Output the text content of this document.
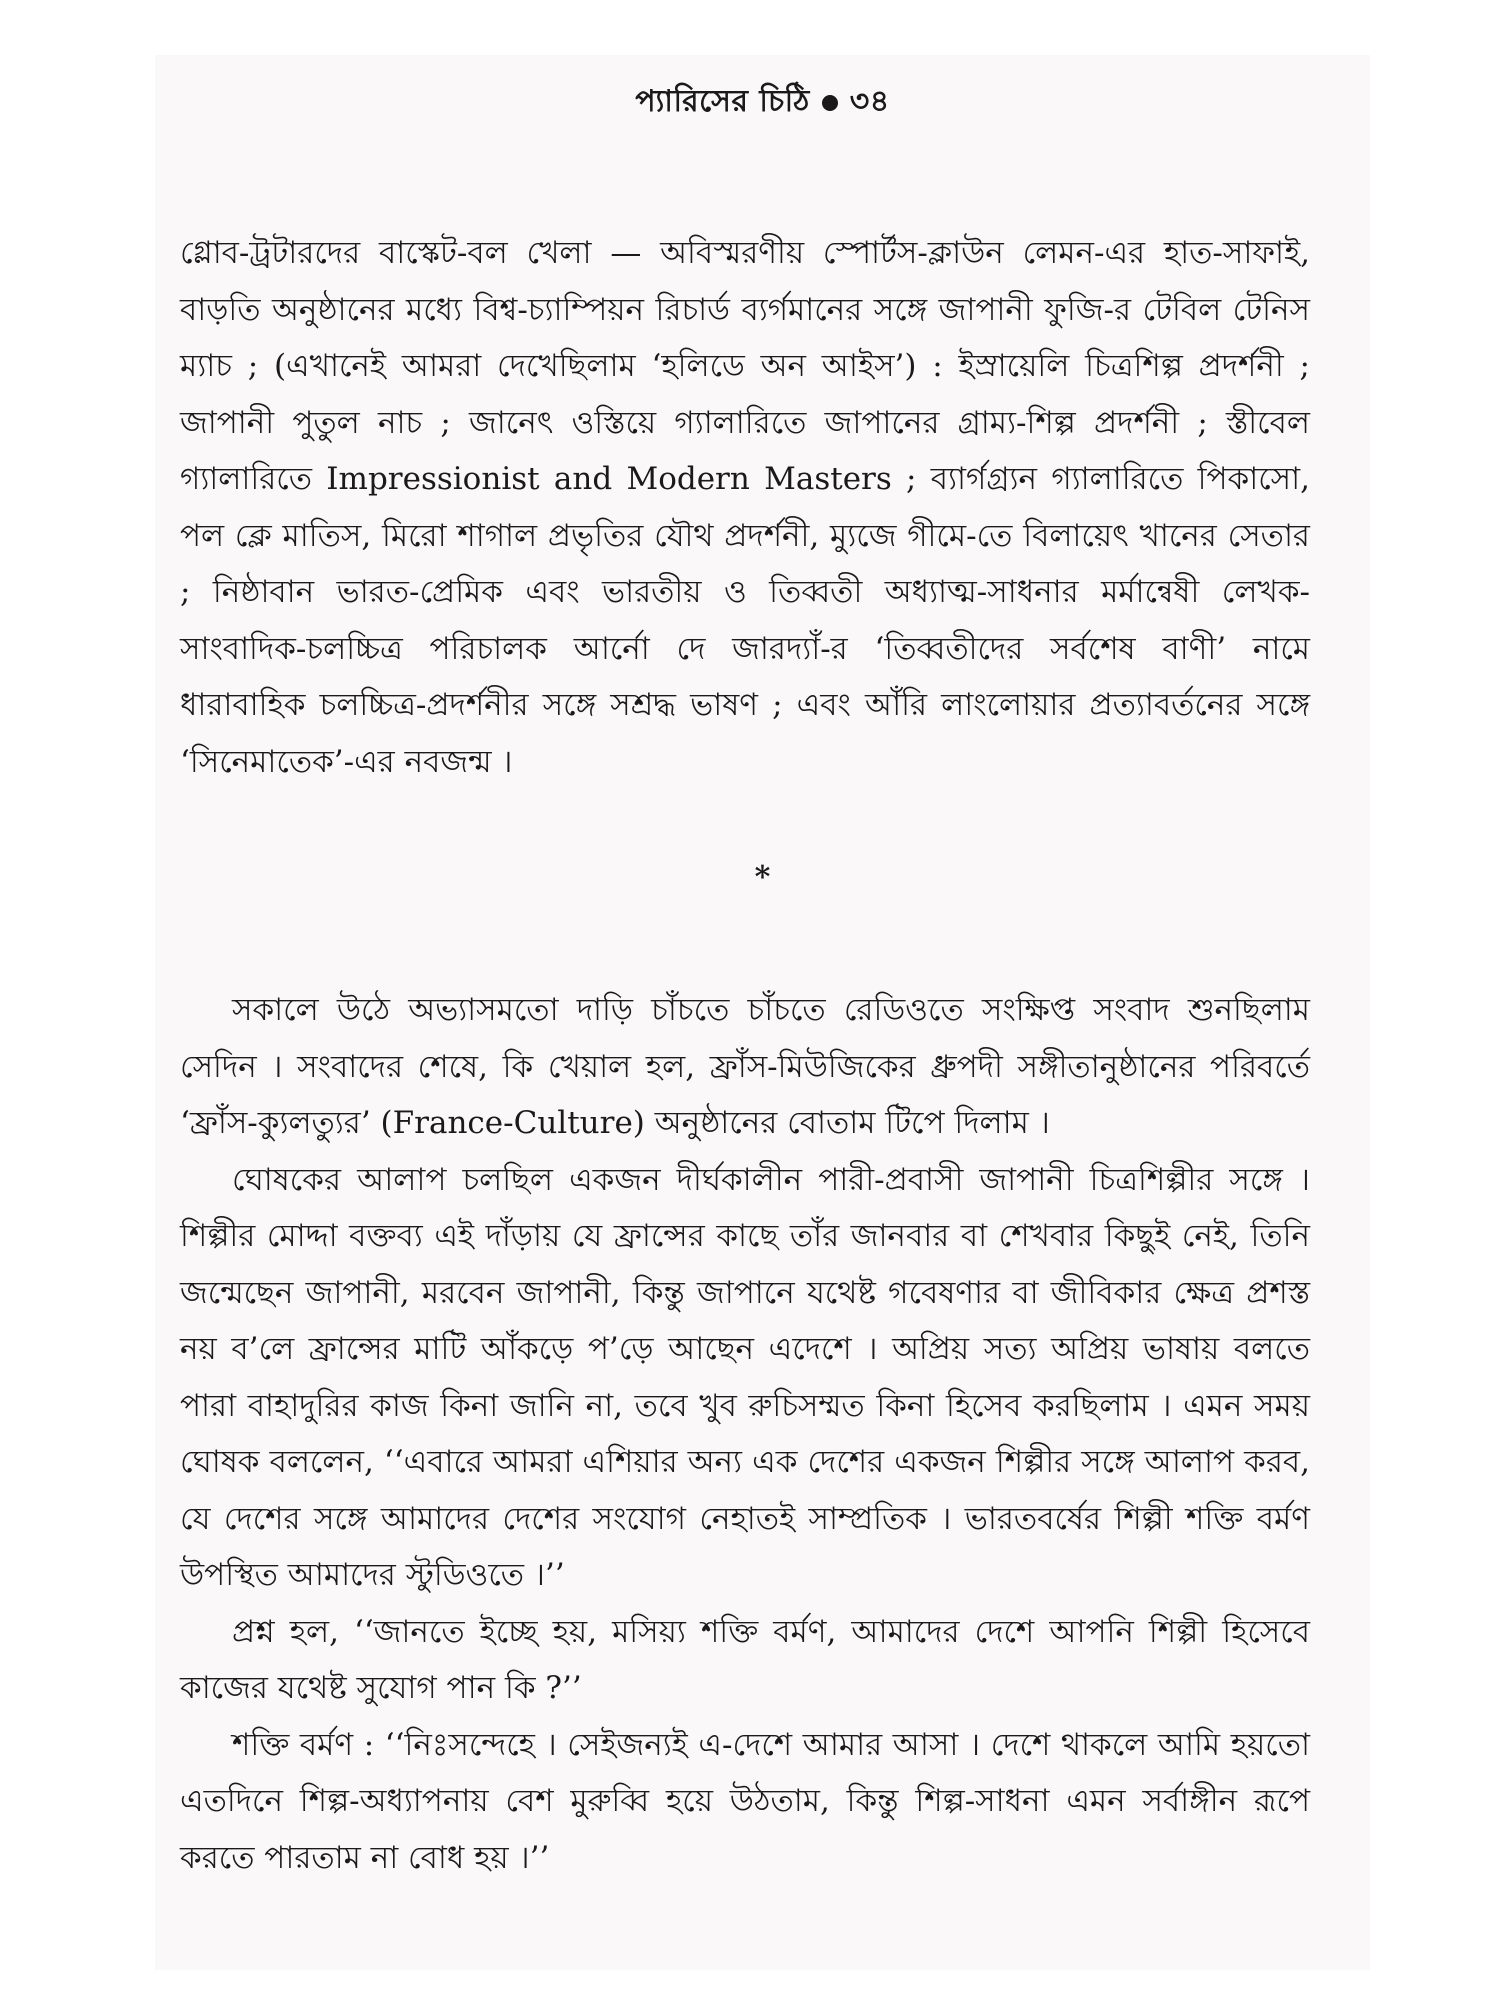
প্যারিসের চিঠি ৩৪

গ্লোব-ট্রটারদের বাস্কেট-বল খেলা — অবিস্মরণীয় স্পোর্টস-ক্লাউন লেমন-এর হাত-সাফাই, বাড়তি অনুষ্ঠানের মধ্যে বিশ্ব-চ্যাম্পিয়ন রিচার্ড ব্যর্গমানের সঙ্গে জাপানী ফুজি-র টেবিল টেনিস ম্যাচ ; (এখানেই আমরা দেখেছিলাম ‘হলিডে অন আইস’) : ইস্রায়েলি চিত্রশিল্প প্রদর্শনী ; জাপানী পুতুল নাচ ; জানেৎ ওস্তিয়ে গ্যালারিতে জাপানের গ্রাম্য-শিল্প প্রদর্শনী ; স্তীবেল গ্যালারিতে Impressionist and Modern Masters ; ব্যার্গগ্র্যন গ্যালারিতে পিকাসো, পল ক্লে মাতিস, মিরো শাগাল প্রভৃতির যৌথ প্রদর্শনী, ম্যুজে গীমে-তে বিলায়েৎ খানের সেতার ; নিষ্ঠাবান ভারত-প্রেমিক এবং ভারতীয় ও তিব্বতী অধ্যাত্ম-সাধনার মর্মান্বেষী লেখক-সাংবাদিক-চলচ্চিত্র পরিচালক আর্নো দে জারদ্যাঁ-র ‘তিব্বতীদের সর্বশেষ বাণী’ নামে ধারাবাহিক চলচ্চিত্র-প্রদর্শনীর সঙ্গে সশ্রদ্ধ ভাষণ ; এবং আঁরি লাংলোয়ার প্রত্যাবর্তনের সঙ্গে ‘সিনেমাতেক’-এর নবজন্ম ।

*

সকালে উঠে অভ্যাসমতো দাড়ি চাঁচতে চাঁচতে রেডিওতে সংক্ষিপ্ত সংবাদ শুনছিলাম সেদিন । সংবাদের শেষে, কি খেয়াল হল, ফ্রাঁস-মিউজিকের ধ্রুপদী সঙ্গীতানুষ্ঠানের পরিবর্তে ‘ফ্রাঁস-ক্যুলত্যুর’ (France-Culture) অনুষ্ঠানের বোতাম টিপে দিলাম ।

ঘোষকের আলাপ চলছিল একজন দীর্ঘকালীন পারী-প্রবাসী জাপানী চিত্রশিল্পীর সঙ্গে । শিল্পীর মোদ্দা বক্তব্য এই দাঁড়ায় যে ফ্রান্সের কাছে তাঁর জানবার বা শেখবার কিছুই নেই, তিনি জন্মেছেন জাপানী, মরবেন জাপানী, কিন্তু জাপানে যথেষ্ট গবেষণার বা জীবিকার ক্ষেত্র প্রশস্ত নয় ব’লে ফ্রান্সের মাটি আঁকড়ে প’ড়ে আছেন এদেশে । অপ্রিয় সত্য অপ্রিয় ভাষায় বলতে পারা বাহাদুরির কাজ কিনা জানি না, তবে খুব রুচিসম্মত কিনা হিসেব করছিলাম । এমন সময় ঘোষক বললেন, ‘‘এবারে আমরা এশিয়ার অন্য এক দেশের একজন শিল্পীর সঙ্গে আলাপ করব, যে দেশের সঙ্গে আমাদের দেশের সংযোগ নেহাতই সাম্প্রতিক । ভারতবর্ষের শিল্পী শক্তি বর্মণ উপস্থিত আমাদের স্টুডিওতে ।’’

প্রশ্ন হল, ‘‘জানতে ইচ্ছে হয়, মসিয়্য শক্তি বর্মণ, আমাদের দেশে আপনি শিল্পী হিসেবে কাজের যথেষ্ট সুযোগ পান কি ?’’

শক্তি বর্মণ : ‘‘নিঃসন্দেহে । সেইজন্যই এ-দেশে আমার আসা । দেশে থাকলে আমি হয়তো এতদিনে শিল্প-অধ্যাপনায় বেশ মুরুব্বি হয়ে উঠতাম, কিন্তু শিল্প-সাধনা এমন সর্বাঙ্গীন রূপে করতে পারতাম না বোধ হয় ।’’
